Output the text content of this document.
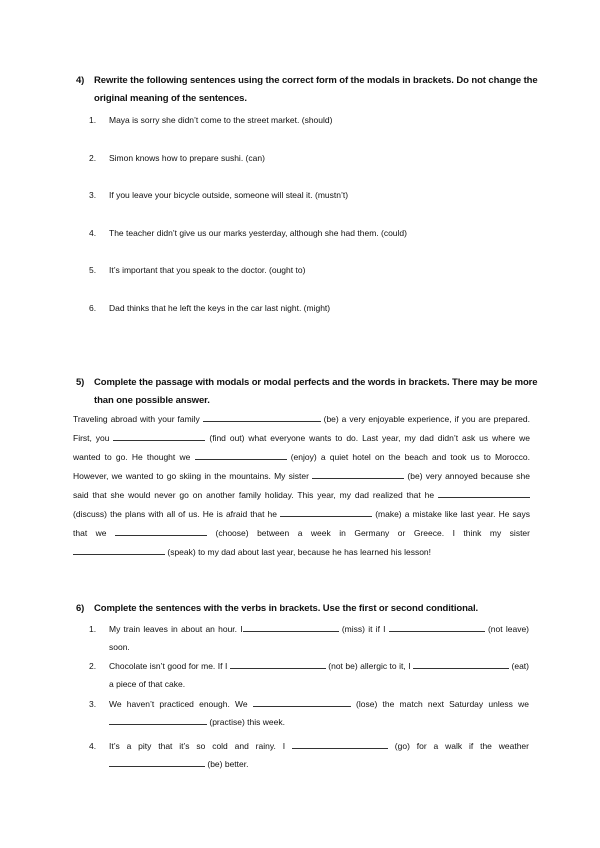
4)	Rewrite the following sentences using the correct form of the modals in brackets. Do not change the original meaning of the sentences.
1.	Maya is sorry she didn’t come to the street market. (should)
2.	Simon knows how to prepare sushi. (can)
3.	If you leave your bicycle outside, someone will steal it. (mustn’t)
4.	The teacher didn’t give us our marks yesterday, although she had them. (could)
5.	It’s important that you speak to the doctor. (ought to)
6.	Dad thinks that he left the keys in the car last night. (might)
5)	Complete the passage with modals or modal perfects and the words in brackets. There may be more than one possible answer.
Traveling abroad with your family	(be) a very enjoyable experience, if you are prepared. First, you	(find out) what everyone wants to do. Last year, my dad didn’t ask us where we wanted to go. He thought we	(enjoy) a quiet hotel on the beach and took us to Morocco. However, we wanted to go skiing in the mountains. My sister	(be) very annoyed because she said that she would never go on another family holiday. This year, my dad realized that he  (discuss) the plans with all of us. He is afraid that he	(make) a mistake like last year. He says that we	(choose) between a week in Germany or Greece. I think my sister  (speak) to my dad about last year, because he has learned his lesson!
6)	Complete the sentences with the verbs in brackets. Use the first or second conditional.
1.	My train leaves in about an hour. I	(miss) it if I	(not leave) soon.
2.	Chocolate isn’t good for me. If I	(not be) allergic to it, I	(eat) a piece of that cake.
3.	We haven’t practiced enough. We	(lose) the match next Saturday unless we  (practise) this week.
4.	It’s a pity that it’s so cold and rainy. I	(go) for a walk if the weather  (be) better.
